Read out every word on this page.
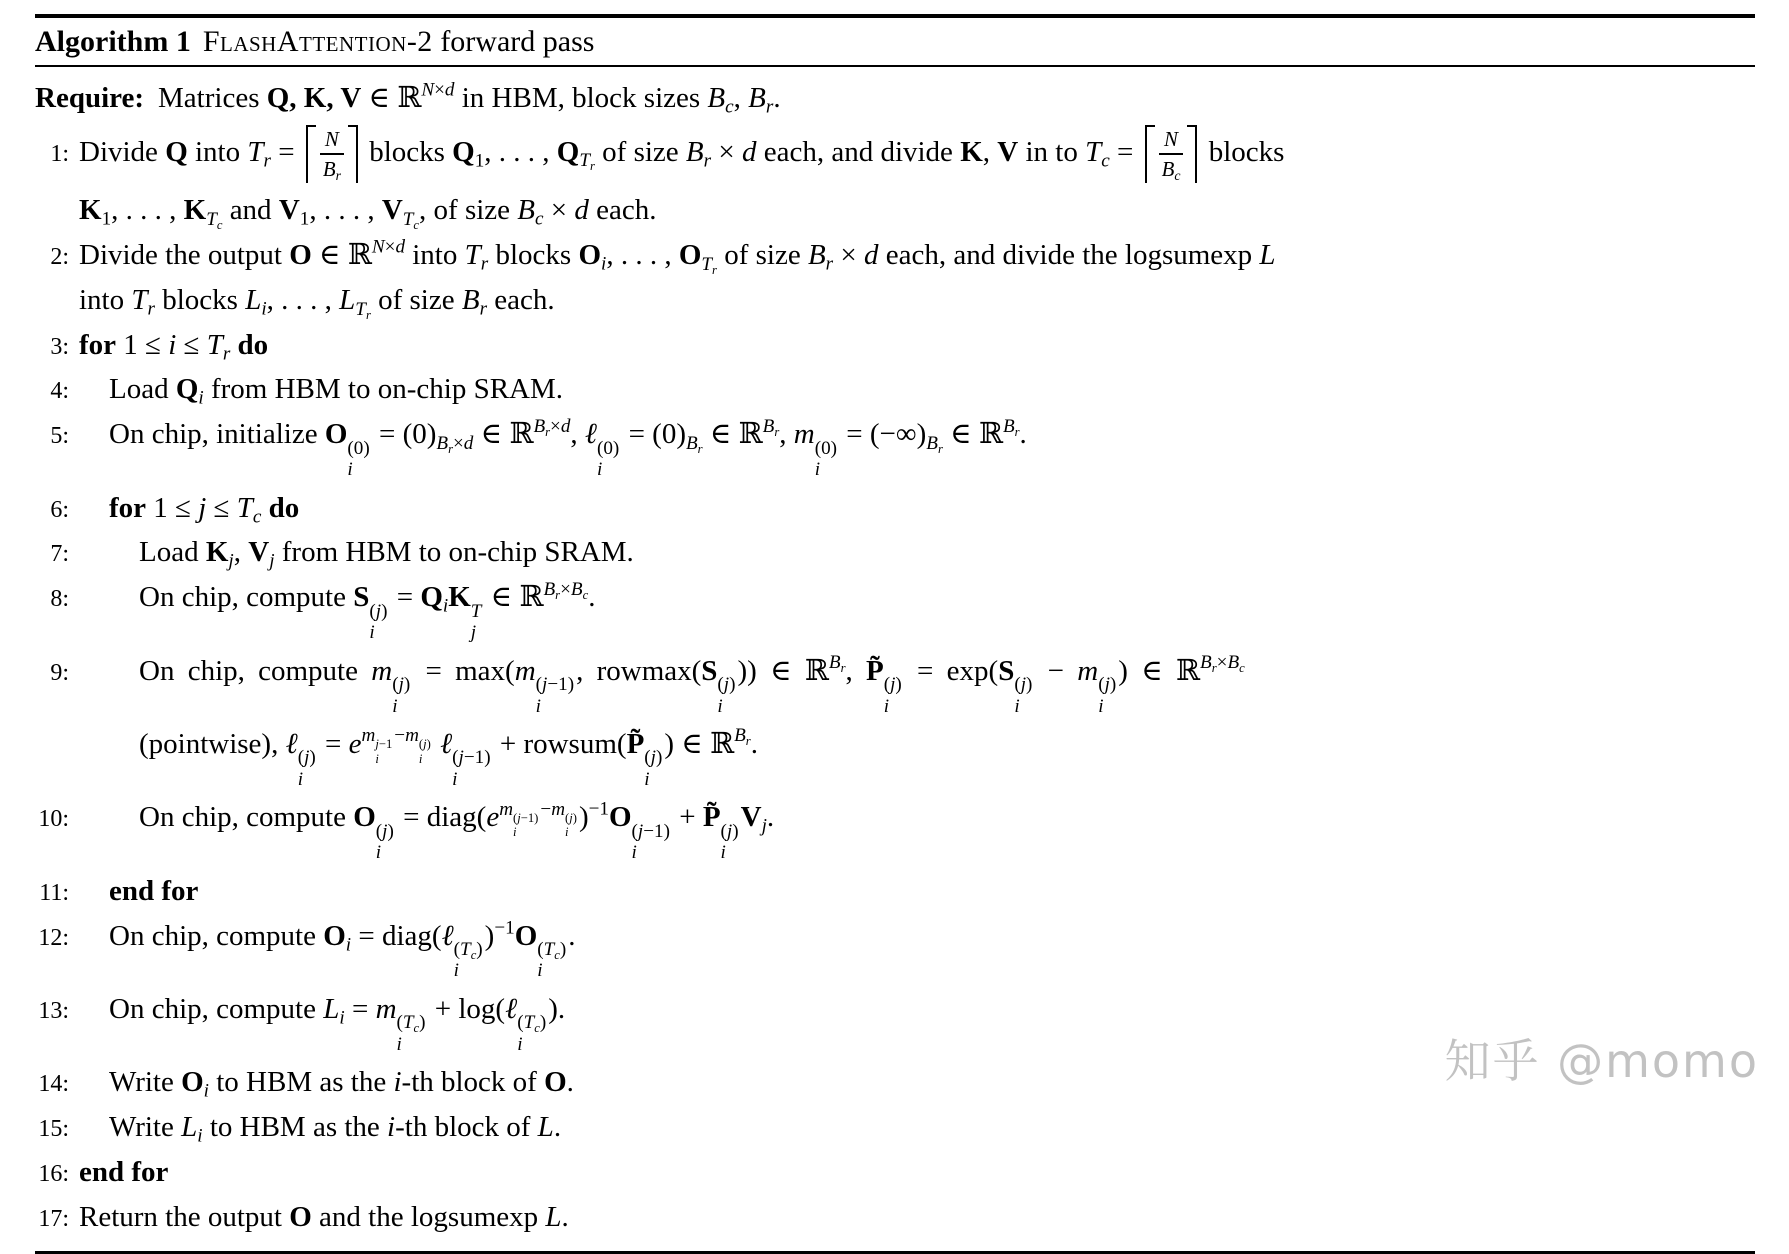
Algorithm 1 FlashAttention-2 forward pass
Require: Matrices Q, K, V ∈ ℝ$^{N\times d}$ in HBM, block sizes $B_c$, $B_r$.
1: Divide Q into $T_r = \frac{N}{B_r}$ blocks $Q_1$, . . . , $Q_{T_r}$ of size $B_r \times d$ each, and divide K, V in to $T_c = \frac{N}{B_c}$ blocks
$K_1$, . . . , $K_{T_c}$ and $V_1$, . . . , $V_{T_c}$, of size $B_c \times d$ each.
2: Divide the output O ∈ ℝ$^{N\times d}$ into $T_r$ blocks $O_i$, . . . , $O_{T_r}$ of size $B_r \times d$ each, and divide the logsumexp L
into $T_r$ blocks $L_i$, . . . , $L_{T_r}$ of size $B_r$ each.
3: for $1 \le i \le T_r$ do
4:	Load $Q_i$ from HBM to on-chip SRAM.
5:	On chip, initialize O (0)
i
= $(0)_{B_r\times d}$ ∈ ℝ$^{B_r\times d}$, ℓ (0)
i
= $(0)_{B_r}$ ∈ ℝ$^{B_r}$, m (0)
i
= $(-\infty)_{B_r}$ ∈ ℝ$^{B_r}$.
6:	for $1 \le j \le T_c$ do
7:	Load $K_j$, $V_j$ from HBM to on-chip SRAM.
8:	On chip, compute S (j)
i
= $Q_iK$ T
j
∈ ℝ$^{B_r\times B_c}$.
9:	On chip, compute m (j)
i
= max(m (j−1)
i
, rowmax(S (j)
i
)) ∈ ℝ$^{B_r}$, P̃ (j)
i
= exp(S (j)
i
− m (j)
i
) ∈ ℝ$^{B_r\times B_c}$
(pointwise), ℓ (j)
i
= $e^{m j-1 i -m (j) i}$ ℓ (j−1)
i
+ rowsum(P̃ (j)
i
) ∈ ℝ$^{B_r}$.
10:	On chip, compute O (j)
i
= $diag(e^{m (j-1) i -m (j) i}$ )$^{-1}$O (j−1)
i
+ P̃ (j)
i
$V_j$.
11:	end for
12:	On chip, compute $O_i$ = diag(ℓ $(T_c)$
i
)$^{-1}$O $(T_c)$
i
.
13:	On chip, compute $L_i = m$ $(T_c)$
i
+ log(ℓ $(T_c)$
i
).
14:	Write $O_i$ to HBM as the i-th block of O.
15:	Write $L_i$ to HBM as the i-th block of L.
16: end for
17: Return the output O and the logsumexp L.
知乎 @momo
